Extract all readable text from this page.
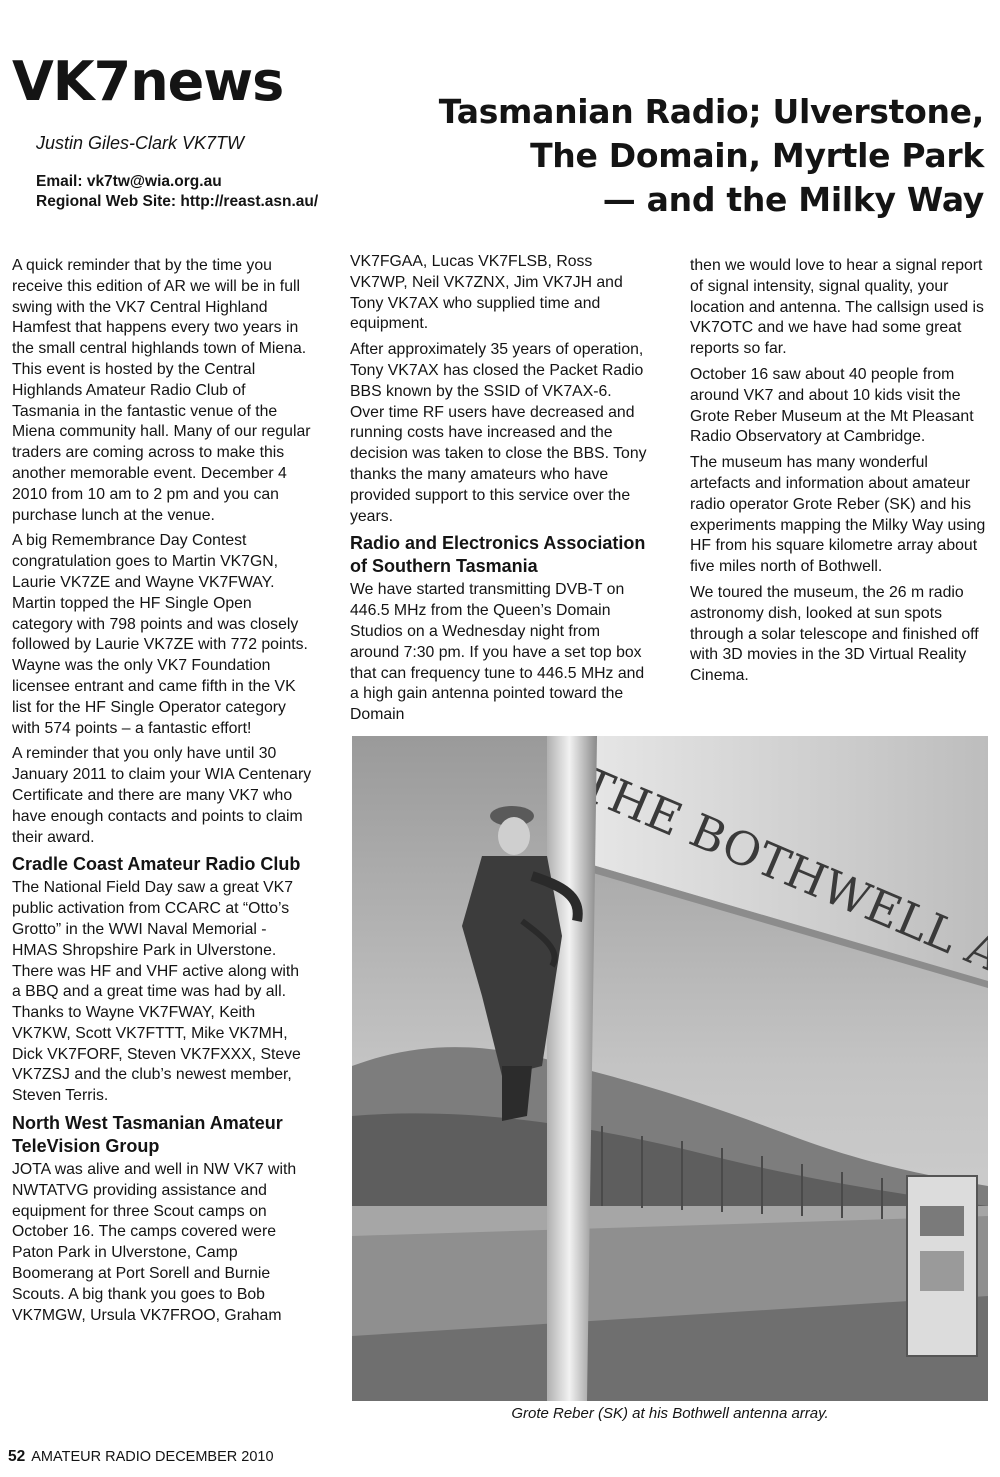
VK7news

Justin Giles-Clark VK7TW

Email: vk7tw@wia.org.au
Regional Web Site: http://reast.asn.au/
Tasmanian Radio; Ulverstone,
The Domain, Myrtle Park
— and the Milky Way

A quick reminder that by the time you receive this edition of AR we will be in full swing with the VK7 Central Highland Hamfest that happens every two years in the small central highlands town of Miena. This event is hosted by the Central Highlands Amateur Radio Club of Tasmania in the fantastic venue of the Miena community hall. Many of our regular traders are coming across to make this another memorable event. December 4 2010 from 10 am to 2 pm and you can purchase lunch at the venue.

A big Remembrance Day Contest congratulation goes to Martin VK7GN, Laurie VK7ZE and Wayne VK7FWAY. Martin topped the HF Single Open category with 798 points and was closely followed by Laurie VK7ZE with 772 points. Wayne was the only VK7 Foundation licensee entrant and came fifth in the VK list for the HF Single Operator category with 574 points – a fantastic effort!

A reminder that you only have until 30 January 2011 to claim your WIA Centenary Certificate and there are many VK7 who have enough contacts and points to claim their award.

Cradle Coast Amateur Radio Club

The National Field Day saw a great VK7 public activation from CCARC at “Otto’s Grotto” in the WWI Naval Memorial - HMAS Shropshire Park in Ulverstone. There was HF and VHF active along with a BBQ and a great time was had by all. Thanks to Wayne VK7FWAY, Keith VK7KW, Scott VK7FTTT, Mike VK7MH, Dick VK7FORF, Steven VK7FXXX, Steve VK7ZSJ and the club’s newest member, Steven Terris.

North West Tasmanian Amateur TeleVision Group

JOTA was alive and well in NW VK7 with NWTATVG providing assistance and equipment for three Scout camps on October 16. The camps covered were Paton Park in Ulverstone, Camp Boomerang at Port Sorell and Burnie Scouts. A big thank you goes to Bob VK7MGW, Ursula VK7FROO, Graham

VK7FGAA, Lucas VK7FLSB, Ross VK7WP, Neil VK7ZNX, Jim VK7JH and Tony VK7AX who supplied time and equipment.

After approximately 35 years of operation, Tony VK7AX has closed the Packet Radio BBS known by the SSID of VK7AX-6. Over time RF users have decreased and running costs have increased and the decision was taken to close the BBS. Tony thanks the many amateurs who have provided support to this service over the years.

Radio and Electronics Association of Southern Tasmania

We have started transmitting DVB-T on 446.5 MHz from the Queen’s Domain Studios on a Wednesday night from around 7:30 pm. If you have a set top box that can frequency tune to 446.5 MHz and a high gain antenna pointed toward the Domain

then we would love to hear a signal report of signal intensity, signal quality, your location and antenna. The callsign used is VK7OTC and we have had some great reports so far.

October 16 saw about 40 people from around VK7 and about 10 kids visit the Grote Reber Museum at the Mt Pleasant Radio Observatory at Cambridge.

The museum has many wonderful artefacts and information about amateur radio operator Grote Reber (SK) and his experiments mapping the Milky Way using HF from his square kilometre array about five miles north of Bothwell.

We toured the museum, the 26 m radio astronomy dish, looked at sun spots through a solar telescope and finished off with 3D movies in the 3D Virtual Reality Cinema.

Grote Reber (SK) at his Bothwell antenna array.

52 AMATEUR RADIO DECEMBER 2010
